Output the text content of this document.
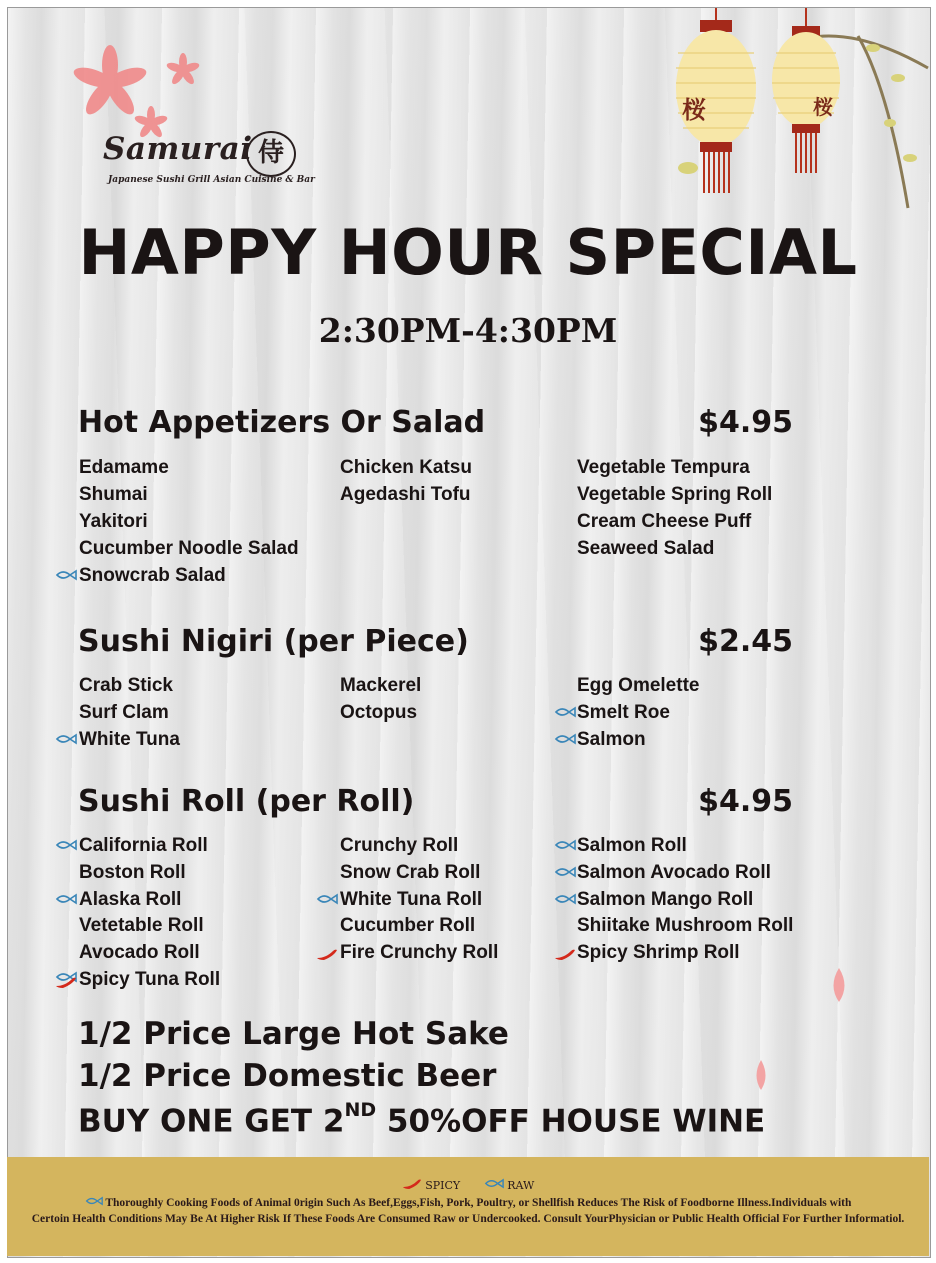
Samurai 侍
Japanese Sushi Grill Asian Cuisine & Bar
桜	桜
HAPPY HOUR SPECIAL
2:30PM-4:30PM
Hot Appetizers Or Salad	$4.95
Edamame
Shumai
Yakitori
Cucumber Noodle Salad
Snowcrab Salad
Chicken Katsu
Agedashi Tofu
Vegetable Tempura
Vegetable Spring Roll
Cream Cheese Puff
Seaweed Salad
Sushi Nigiri (per Piece)	$2.45
Crab Stick
Surf Clam
White Tuna
Mackerel
Octopus
Egg Omelette
Smelt Roe
Salmon
Sushi Roll (per Roll)	$4.95
California Roll
Boston Roll
Alaska Roll
Vetetable Roll
Avocado Roll
Spicy Tuna Roll
Crunchy Roll
Snow Crab Roll
White Tuna Roll
Cucumber Roll
Fire Crunchy Roll
Salmon Roll
Salmon Avocado Roll
Salmon Mango Roll
Shiitake Mushroom Roll
Spicy Shrimp Roll
1/2 Price Large Hot Sake
1/2 Price Domestic Beer
BUY ONE GET 2ND 50%OFF HOUSE WINE
SPICY	RAW
Thoroughly Cooking Foods of Animal 0rigin Such As Beef,Eggs,Fish, Pork, Poultry, or Shellfish Reduces The Risk of Foodborne Illness.Individuals with
Certoin Health Conditions May Be At Higher Risk If These Foods Are Consumed Raw or Undercooked. Consult YourPhysician or Public Health Official For Further Informatiol.
